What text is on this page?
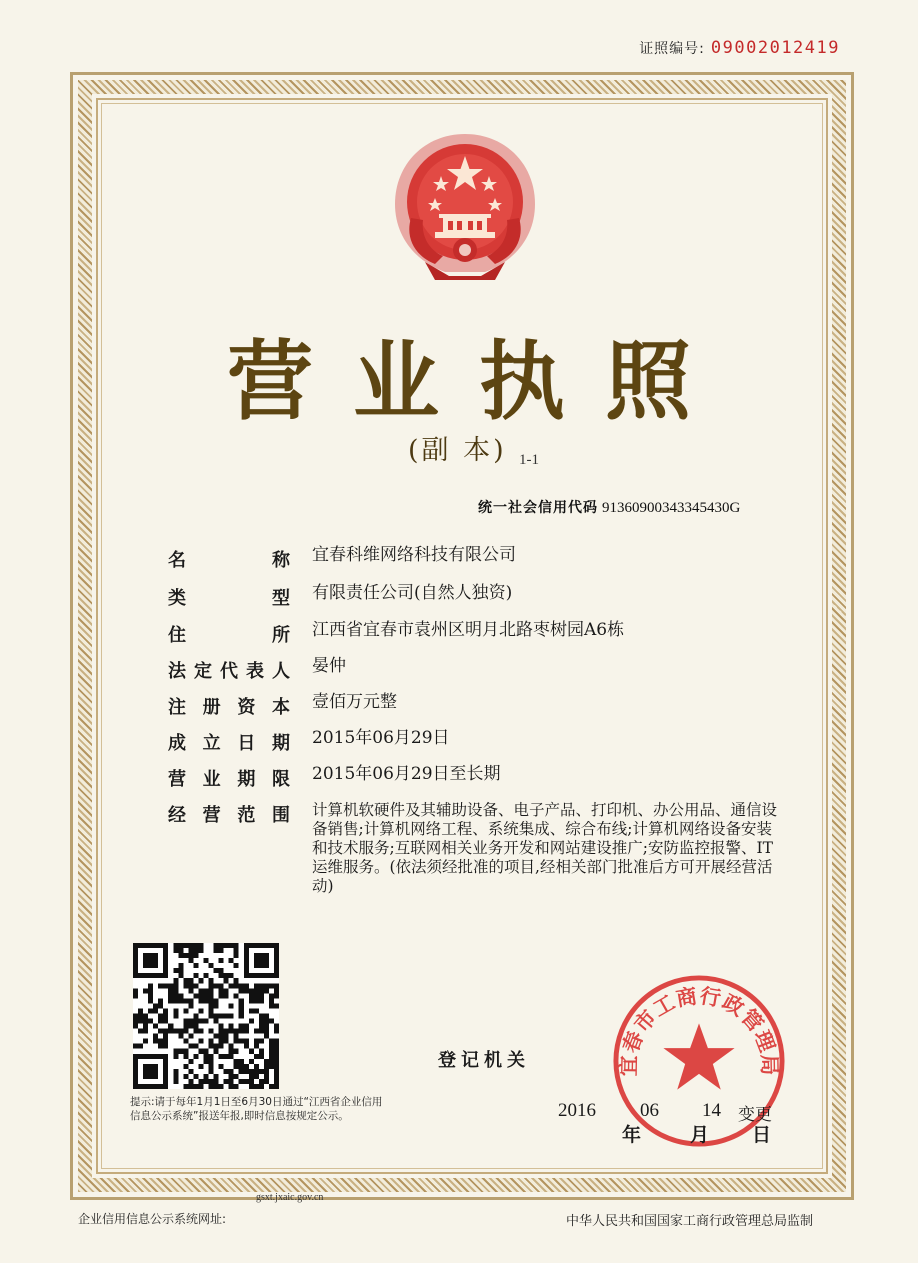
证照编号: 09002012419
营业执照
(副 本) 1-1
统一社会信用代码 91360900343345430G
名	称 宜春科维网络科技有限公司
类	型 有限责任公司(自然人独资)
住	所 江西省宜春市袁州区明月北路枣树园A6栋
法 定 代 表 人 晏仲
注 册 资 本 壹佰万元整
成 立 日 期 2015年06月29日
营 业 期 限 2015年06月29日至长期
经 营 范 围 计算机软硬件及其辅助设备、电子产品、打印机、办公用品、通信设备销售;计算机网络工程、系统集成、综合布线;计算机网络设备安装和技术服务;互联网相关业务开发和网站建设推广;安防监控报警、IT运维服务。(依法须经批准的项目,经相关部门批准后方可开展经营活动)
提示:请于每年1月1日至6月30日通过“江西省企业信用信息公示系统”报送年报,即时信息按规定公示。
登记机关	宜春市工商行政管理局
2016 06 14 变更
年	月 日
gsxt.jxaic.gov.cn
企业信用信息公示系统网址:	中华人民共和国国家工商行政管理总局监制
